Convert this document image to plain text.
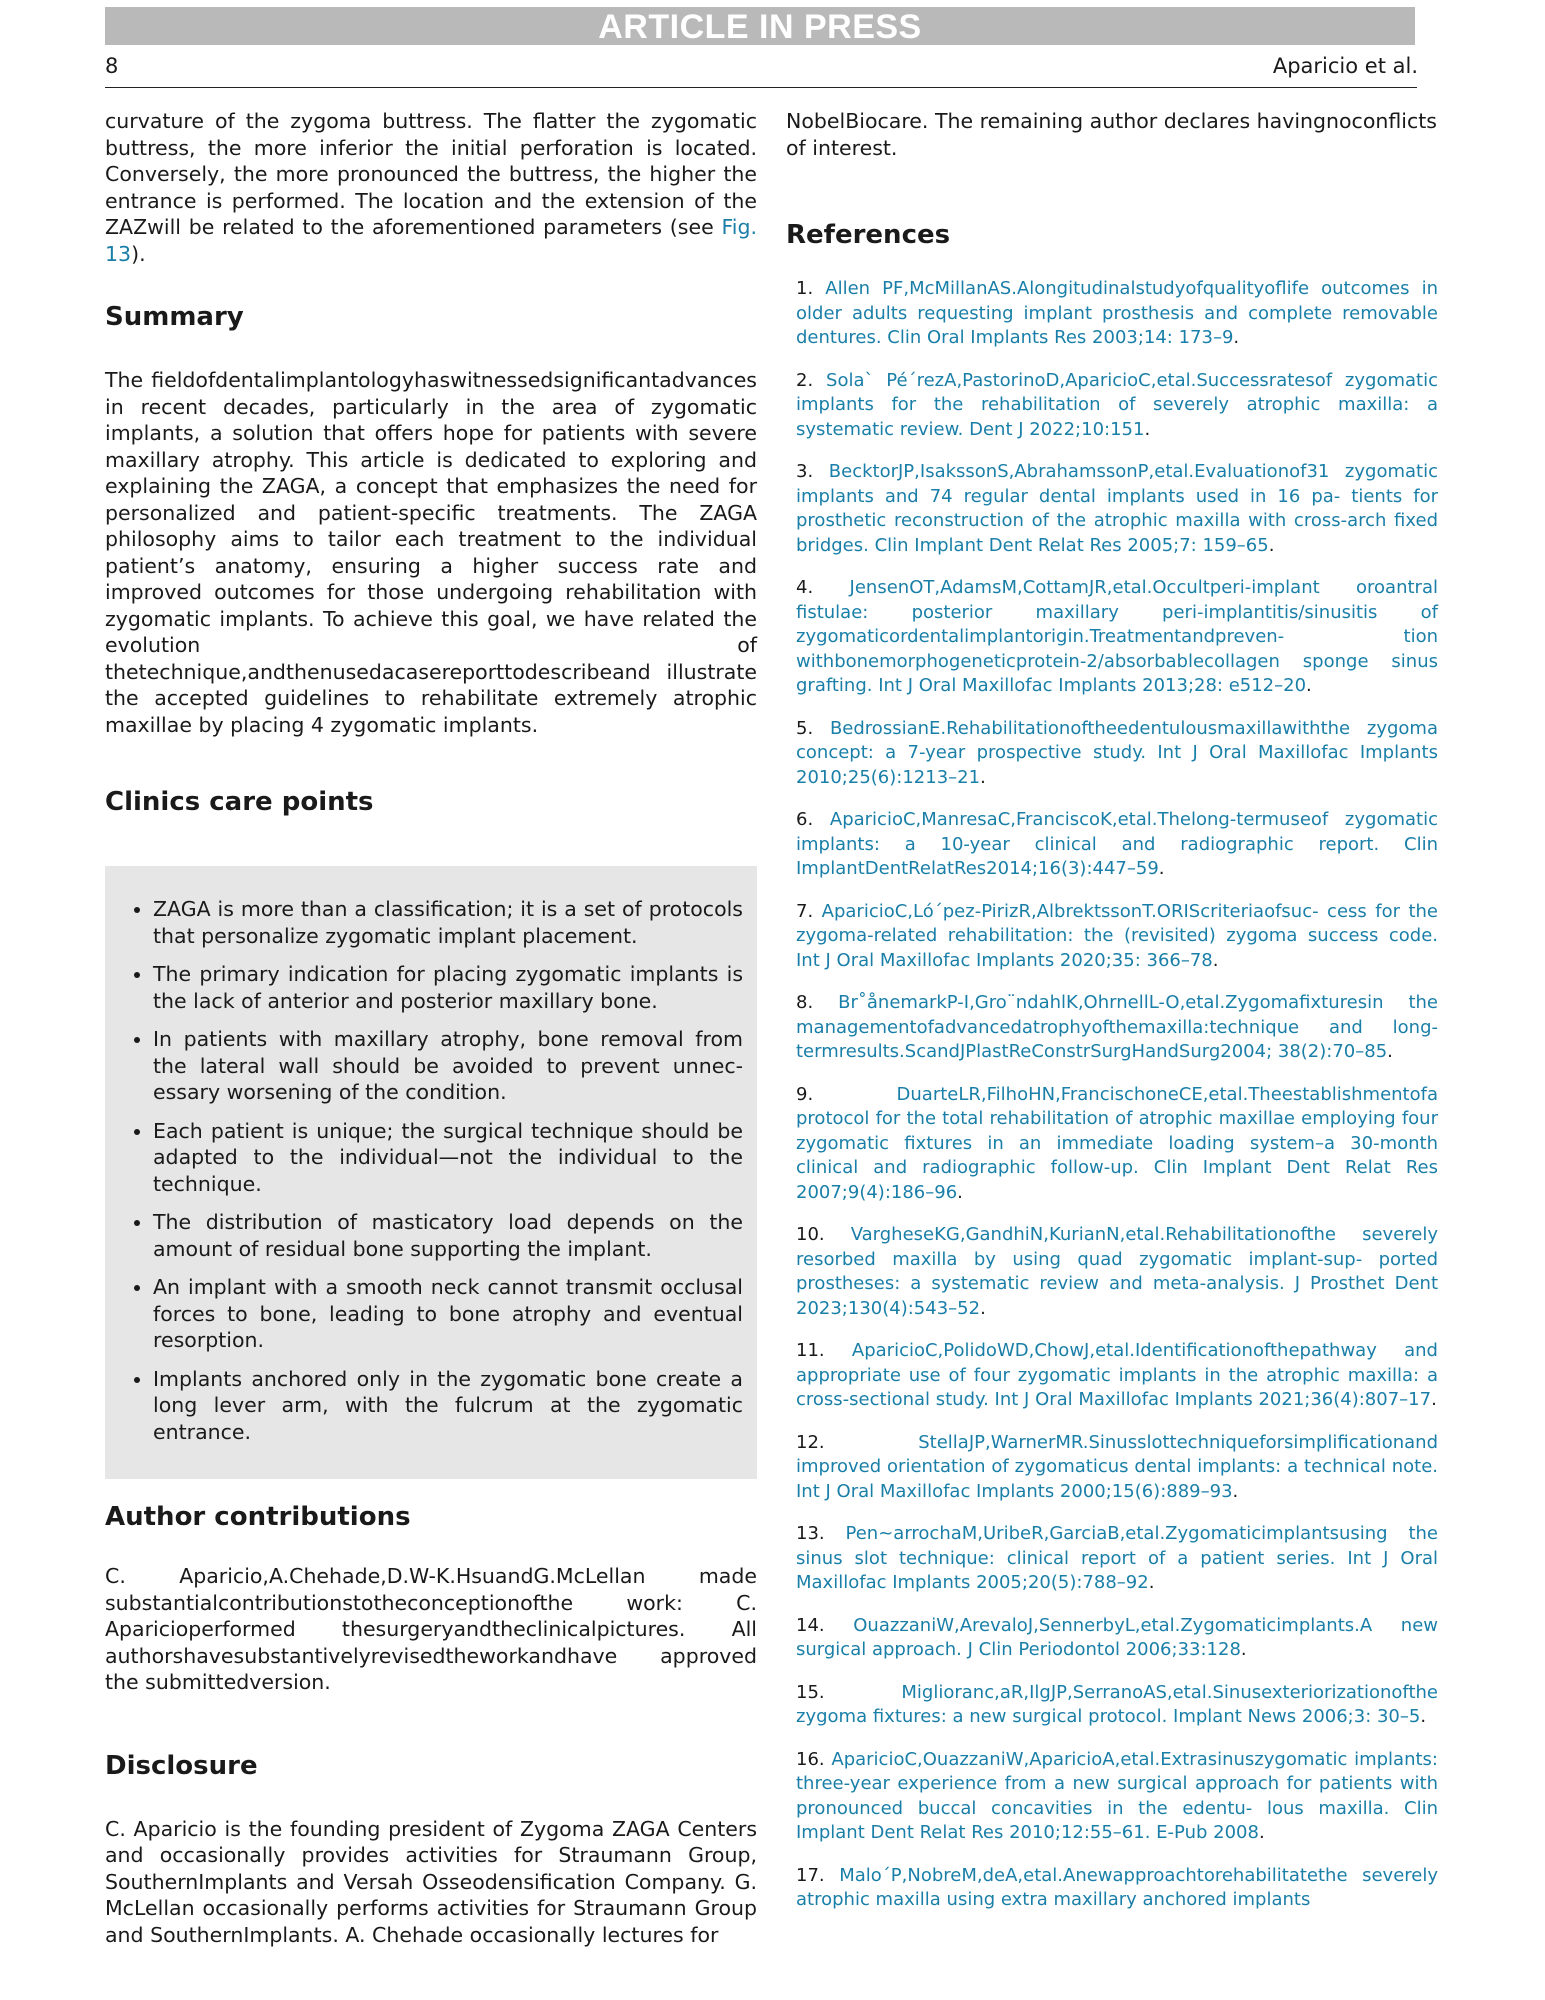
ARTICLE IN PRESS
8	Aparicio et al.

curvature of the zygoma buttress. The flatter the zygomatic buttress, the more inferior the initial perforation is located. Conversely, the more pronounced the buttress, the higher the entrance is performed. The location and the extension of the ZAZwill be related to the aforementioned parameters (see Fig. 13).

Summary

The fieldofdentalimplantologyhaswitnessedsignificantadvances in recent decades, particularly in the area of zygomatic implants, a solution that offers hope for patients with severe maxillary atrophy. This article is dedicated to exploring and explaining the ZAGA, a concept that emphasizes the need for personalized and patient-specific treatments. The ZAGA philosophy aims to tailor each treatment to the individual patient’s anatomy, ensuring a higher success rate and improved outcomes for those undergoing rehabilitation with zygomatic implants. To achieve this goal, we have related the evolution of thetechnique,andthenusedacasereporttodescribeand illustrate the accepted guidelines to rehabilitate extremely atrophic maxillae by placing 4 zygomatic implants.

Clinics care points
• ZAGA is more than a classification; it is a set of protocols that personalize zygomatic implant placement.
• The primary indication for placing zygomatic implants is the lack of anterior and posterior maxillary bone.
• In patients with maxillary atrophy, bone removal from the lateral wall should be avoided to prevent unnec- essary worsening of the condition.
• Each patient is unique; the surgical technique should be adapted to the individual—not the individual to the technique.
• The distribution of masticatory load depends on the amount of residual bone supporting the implant.
• An implant with a smooth neck cannot transmit occlusal forces to bone, leading to bone atrophy and eventual resorption.
• Implants anchored only in the zygomatic bone create a long lever arm, with the fulcrum at the zygomatic entrance.
Author contributions

C. Aparicio,A.Chehade,D.W-K.HsuandG.McLellan made substantialcontributionstotheconceptionofthe work: C. Aparicioperformed thesurgeryandtheclinicalpictures. All authorshavesubstantivelyrevisedtheworkandhave approved the submittedversion.

Disclosure

C. Aparicio is the founding president of Zygoma ZAGA Centers and occasionally provides activities for Straumann Group, SouthernImplants and Versah Osseodensification Company. G. McLellan occasionally performs activities for Straumann Group and SouthernImplants. A. Chehade occasionally lectures for

NobelBiocare. The remaining author declares havingnoconflicts of interest.

References

1. Allen PF,McMillanAS.Alongitudinalstudyofqualityoflife outcomes in older adults requesting implant prosthesis and complete removable dentures. Clin Oral Implants Res 2003;14: 173–9.

2. Sola` Pé´rezA,PastorinoD,AparicioC,etal.Successratesof zygomatic implants for the rehabilitation of severely atrophic maxilla: a systematic review. Dent J 2022;10:151.

3. BecktorJP,IsakssonS,AbrahamssonP,etal.Evaluationof31 zygomatic implants and 74 regular dental implants used in 16 pa- tients for prosthetic reconstruction of the atrophic maxilla with cross-arch fixed bridges. Clin Implant Dent Relat Res 2005;7: 159–65.

4. JensenOT,AdamsM,CottamJR,etal.Occultperi-implant oroantral fistulae: posterior maxillary peri-implantitis/sinusitis of zygomaticordentalimplantorigin.Treatmentandpreven- tion withbonemorphogeneticprotein-2/absorbablecollagen sponge sinus grafting. Int J Oral Maxillofac Implants 2013;28: e512–20.

5. BedrossianE.Rehabilitationoftheedentulousmaxillawiththe zygoma concept: a 7-year prospective study. Int J Oral Maxillofac Implants 2010;25(6):1213–21.

6. AparicioC,ManresaC,FranciscoK,etal.Thelong-termuseof zygomatic implants: a 10-year clinical and radiographic report. Clin ImplantDentRelatRes2014;16(3):447–59.

7. AparicioC,Ló´pez-PirizR,AlbrektssonT.ORIScriteriaofsuc- cess for the zygoma-related rehabilitation: the (revisited) zygoma success code. Int J Oral Maxillofac Implants 2020;35: 366–78.

8. Br˚ånemarkP-I,Gro¨ndahlK,OhrnellL-O,etal.Zygomafixturesin the managementofadvancedatrophyofthemaxilla:technique and long- termresults.ScandJPlastReConstrSurgHandSurg2004; 38(2):70–85.

9.	DuarteLR,FilhoHN,FrancischoneCE,etal.Theestablishmentofa protocol for the total rehabilitation of atrophic maxillae employing four zygomatic fixtures in an immediate loading system–a 30-month clinical and radiographic follow-up. Clin Implant Dent Relat Res 2007;9(4):186–96.

10. VargheseKG,GandhiN,KurianN,etal.Rehabilitationofthe severely resorbed maxilla by using quad zygomatic implant-sup- ported prostheses: a systematic review and meta-analysis. J Prosthet Dent 2023;130(4):543–52.

11. AparicioC,PolidoWD,ChowJ,etal.Identificationofthepathway and appropriate use of four zygomatic implants in the atrophic maxilla: a cross-sectional study. Int J Oral Maxillofac Implants 2021;36(4):807–17.

12.	StellaJP,WarnerMR.Sinusslottechniqueforsimplificationand improved orientation of zygomaticus dental implants: a technical note. Int J Oral Maxillofac Implants 2000;15(6):889–93.

13. Pen~arrochaM,UribeR,GarciaB,etal.Zygomaticimplantsusing the sinus slot technique: clinical report of a patient series. Int J Oral Maxillofac Implants 2005;20(5):788–92.

14. OuazzaniW,ArevaloJ,SennerbyL,etal.Zygomaticimplants.A new surgical approach. J Clin Periodontol 2006;33:128.

15.	Miglioranc,aR,IlgJP,SerranoAS,etal.Sinusexteriorizationofthe zygoma fixtures: a new surgical protocol. Implant News 2006;3: 30–5.

16. AparicioC,OuazzaniW,AparicioA,etal.Extrasinuszygomatic implants: three-year experience from a new surgical approach for patients with pronounced buccal concavities in the edentu- lous maxilla. Clin Implant Dent Relat Res 2010;12:55–61. E-Pub 2008.

17. Malo´P,NobreM,deA,etal.Anewapproachtorehabilitatethe severely atrophic maxilla using extra maxillary anchored implants
